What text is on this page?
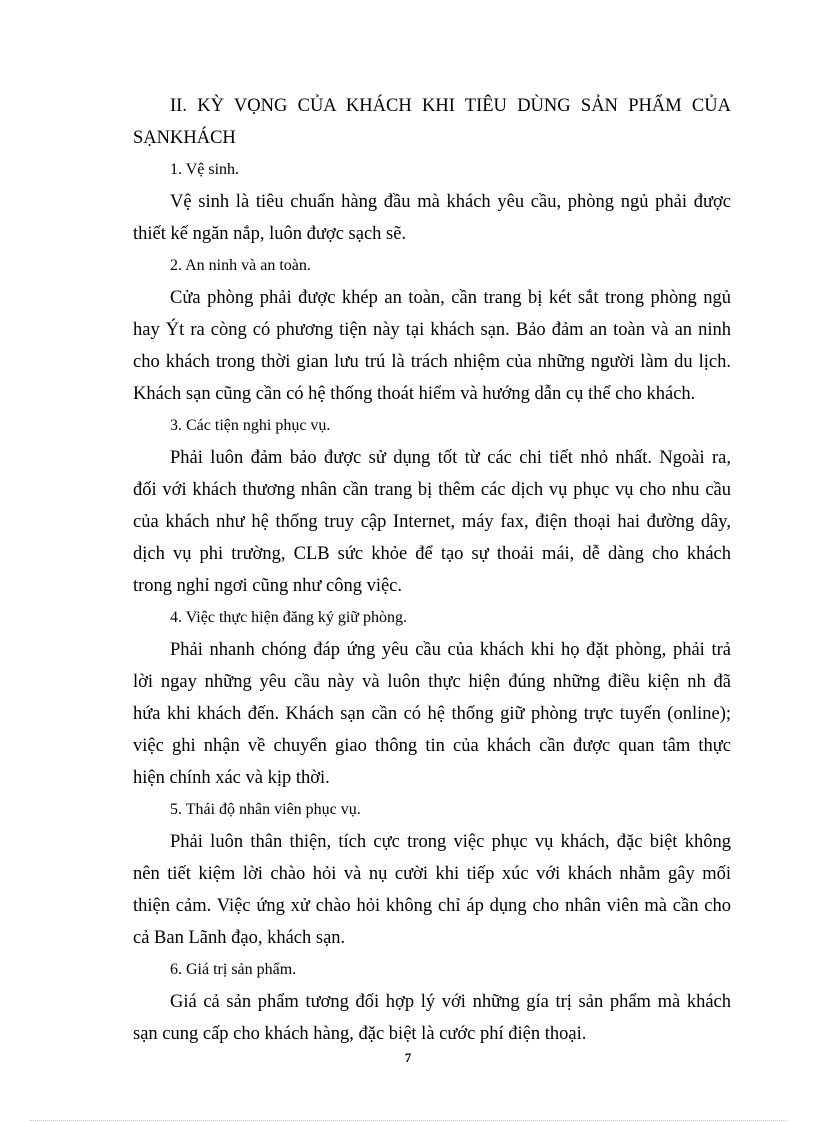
II. KỲ VỌNG CỦA KHÁCH KHI TIÊU DÙNG SẢN PHẨM CỦA KHÁCH
SẠN.
1. Vệ sinh.
Vệ sinh là tiêu chuẩn hàng đầu mà khách yêu cầu, phòng ngủ phải được
thiết kế ngăn nắp, luôn được sạch sẽ.
2. An ninh và an toàn.
Cửa phòng phải được khép an toàn, cần trang bị két sắt trong phòng ngủ
hay Ýt ra còng có phương tiện này tại khách sạn. Bảo đảm an toàn và an ninh
cho khách trong thời gian lưu trú là trách nhiệm của những người làm du lịch.
Khách sạn cũng cần có hệ thống thoát hiểm và hướng dẫn cụ thể cho khách.
3. Các tiện nghi phục vụ.
Phải luôn đảm bảo được sử dụng tốt từ các chi tiết nhỏ nhất. Ngoài ra,
đối với khách thương nhân cần trang bị thêm các dịch vụ phục vụ cho nhu cầu
của khách như hệ thống truy cập Internet, máy fax, điện thoại hai đường dây,
dịch vụ phi trường, CLB sức khỏe để tạo sự thoải mái, dễ dàng cho khách
trong nghỉ ngơi cũng như công việc.
4. Việc thực hiện đăng ký giữ phòng.
Phải nhanh chóng đáp ứng yêu cầu của khách khi họ đặt phòng, phải trả
lời ngay những yêu cầu này và luôn thực hiện đúng những điều kiện nh đã
hứa khi khách đến. Khách sạn cần có hệ thống giữ phòng trực tuyến (online);
việc ghi nhận về chuyển giao thông tin của khách cần được quan tâm thực
hiện chính xác và kịp thời.
5. Thái độ nhân viên phục vụ.
Phải luôn thân thiện, tích cực trong việc phục vụ khách, đặc biệt không
nên tiết kiệm lời chào hỏi và nụ cười khi tiếp xúc với khách nhằm gây mối
thiện cảm. Việc ứng xử chào hỏi không chỉ áp dụng cho nhân viên mà cần cho
cả Ban Lãnh đạo, khách sạn.
6. Giá trị sản phẩm.
Giá cả sản phẩm tương đối hợp lý với những gía trị sản phẩm mà khách
sạn cung cấp cho khách hàng, đặc biệt là cước phí điện thoại.
7
